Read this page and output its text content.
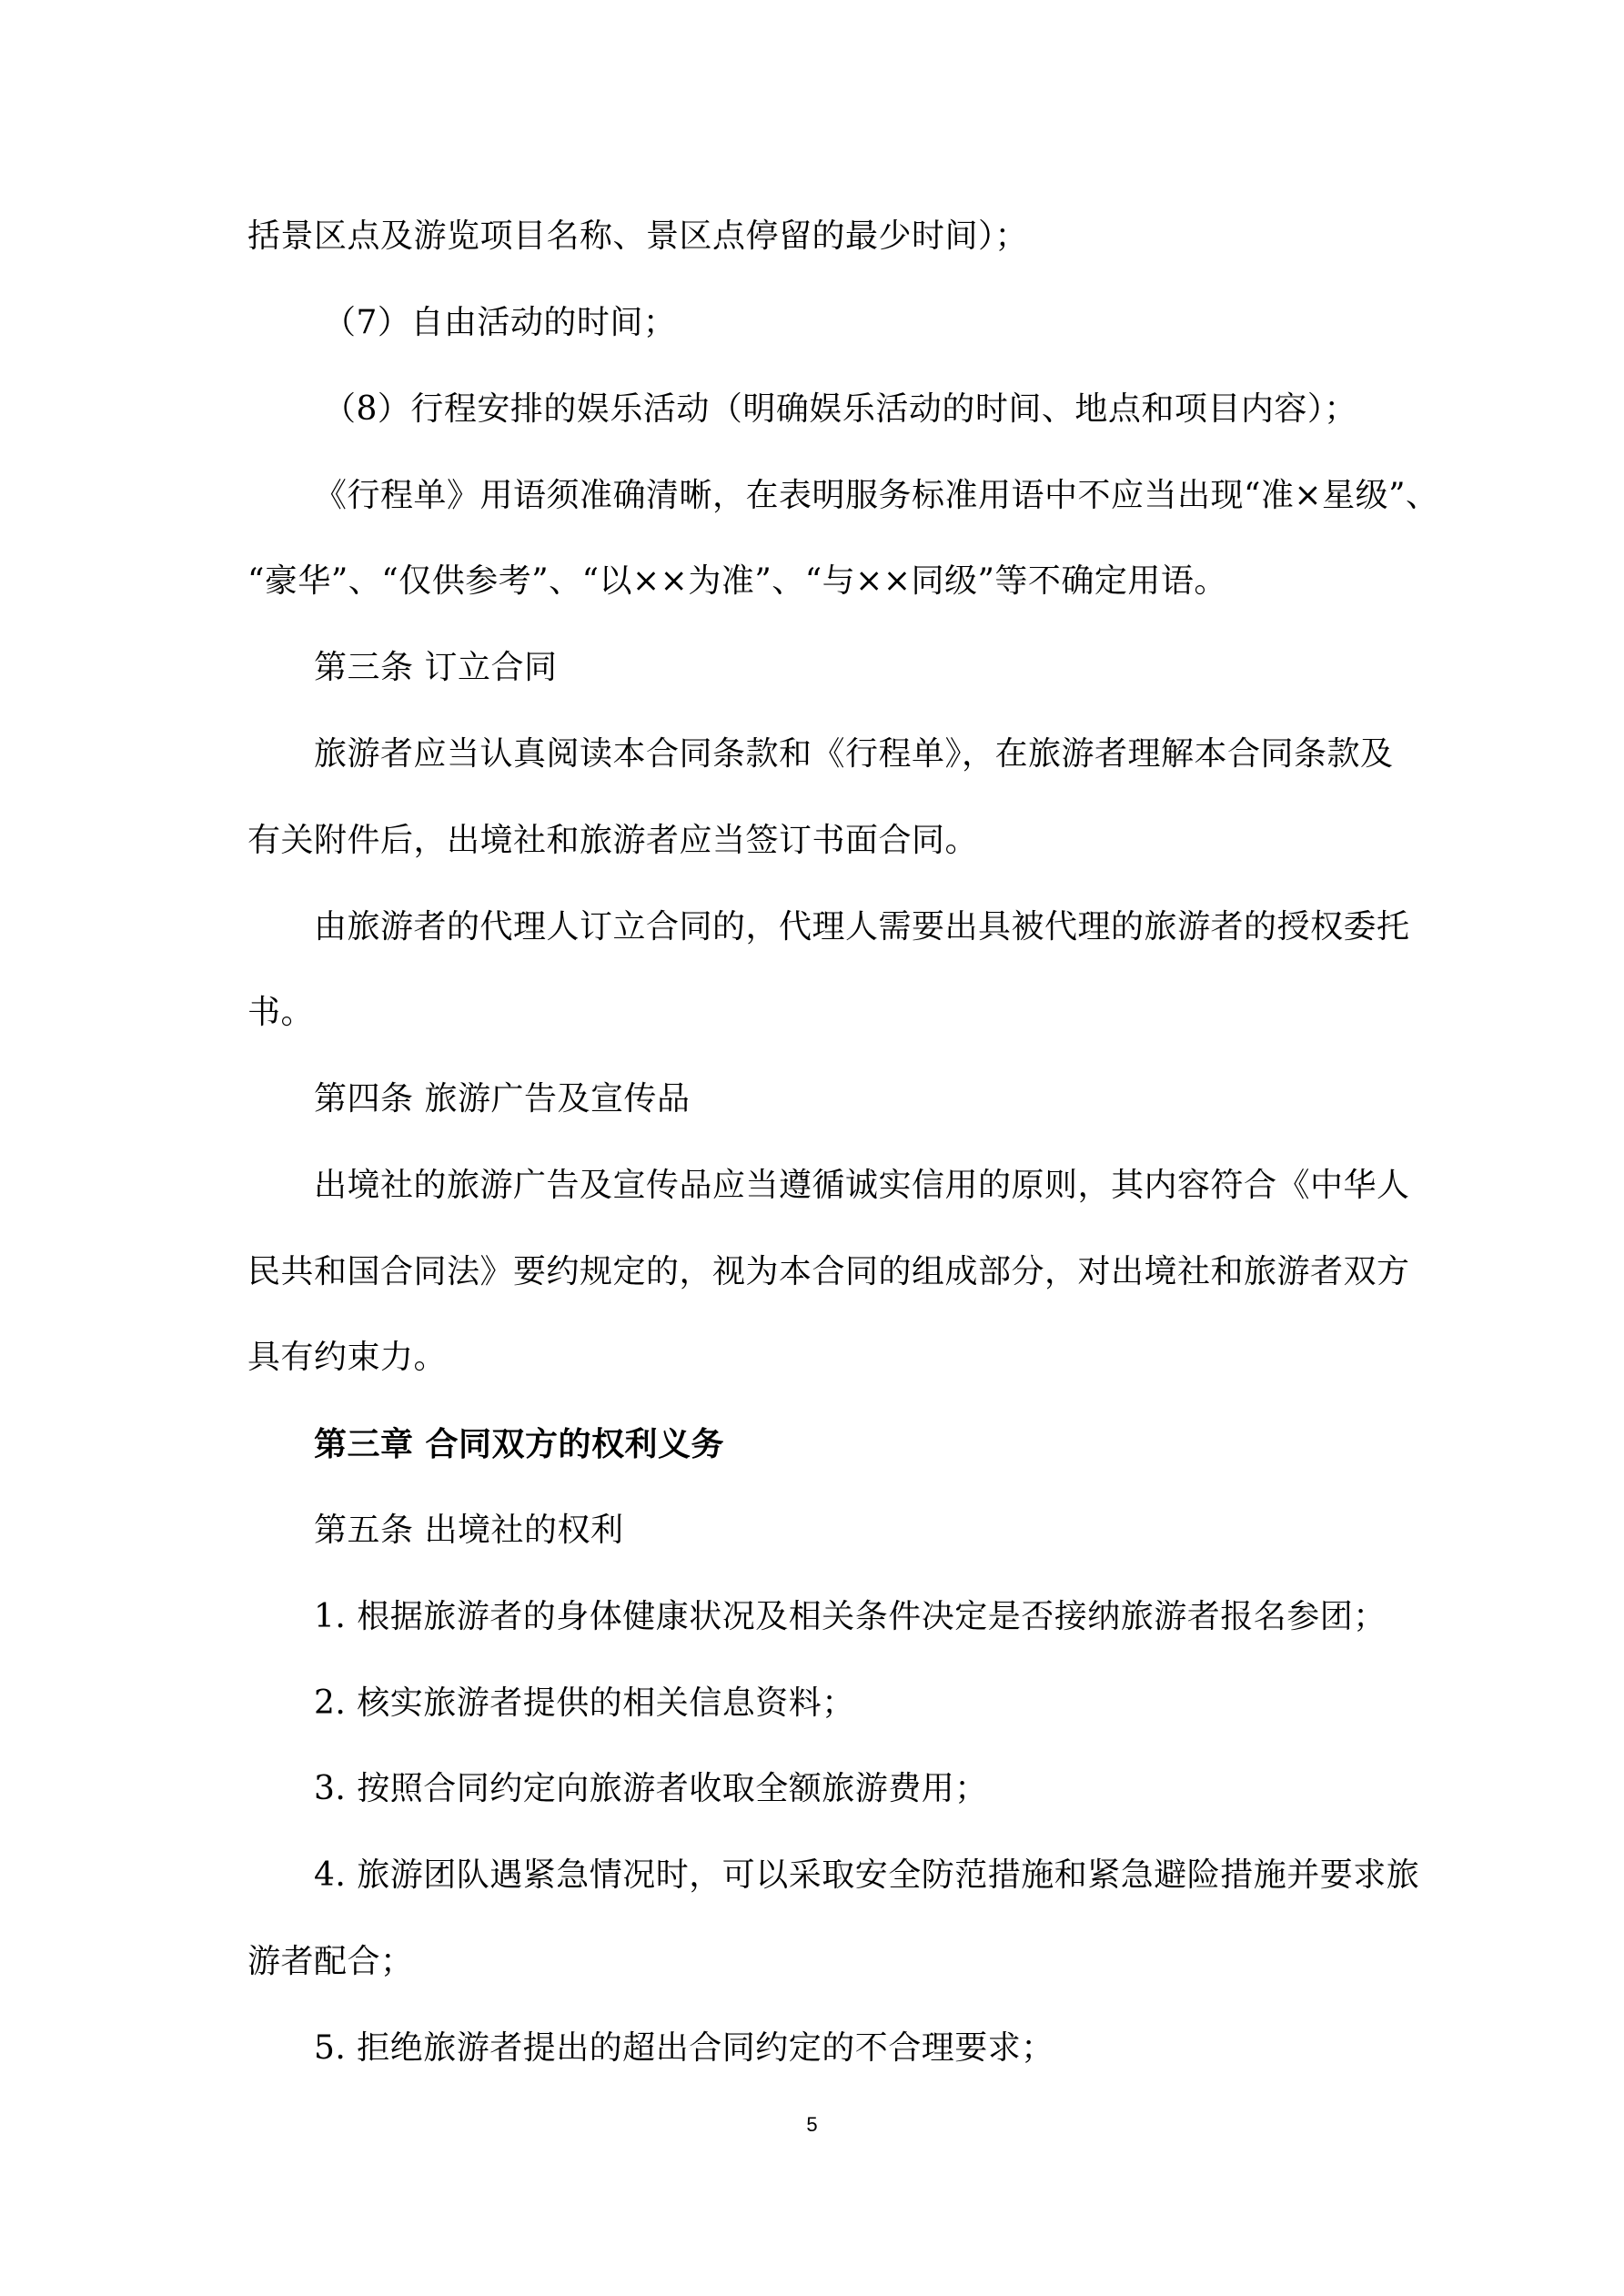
括景区点及游览项目名称、景区点停留的最少时间）；
（7）自由活动的时间；
（8）行程安排的娱乐活动（明确娱乐活动的时间、地点和项目内容）；
《行程单》用语须准确清晰，在表明服务标准用语中不应当出现“准×星级”、
“豪华”、“仅供参考”、“以××为准”、“与××同级”等不确定用语。
第三条 订立合同
旅游者应当认真阅读本合同条款和《行程单》，在旅游者理解本合同条款及
有关附件后，出境社和旅游者应当签订书面合同。
由旅游者的代理人订立合同的，代理人需要出具被代理的旅游者的授权委托
书。
第四条 旅游广告及宣传品
出境社的旅游广告及宣传品应当遵循诚实信用的原则，其内容符合《中华人
民共和国合同法》要约规定的，视为本合同的组成部分，对出境社和旅游者双方
具有约束力。
第三章 合同双方的权利义务
第五条 出境社的权利
1. 根据旅游者的身体健康状况及相关条件决定是否接纳旅游者报名参团；
2. 核实旅游者提供的相关信息资料；
3. 按照合同约定向旅游者收取全额旅游费用；
4. 旅游团队遇紧急情况时，可以采取安全防范措施和紧急避险措施并要求旅
游者配合；
5. 拒绝旅游者提出的超出合同约定的不合理要求；
5
